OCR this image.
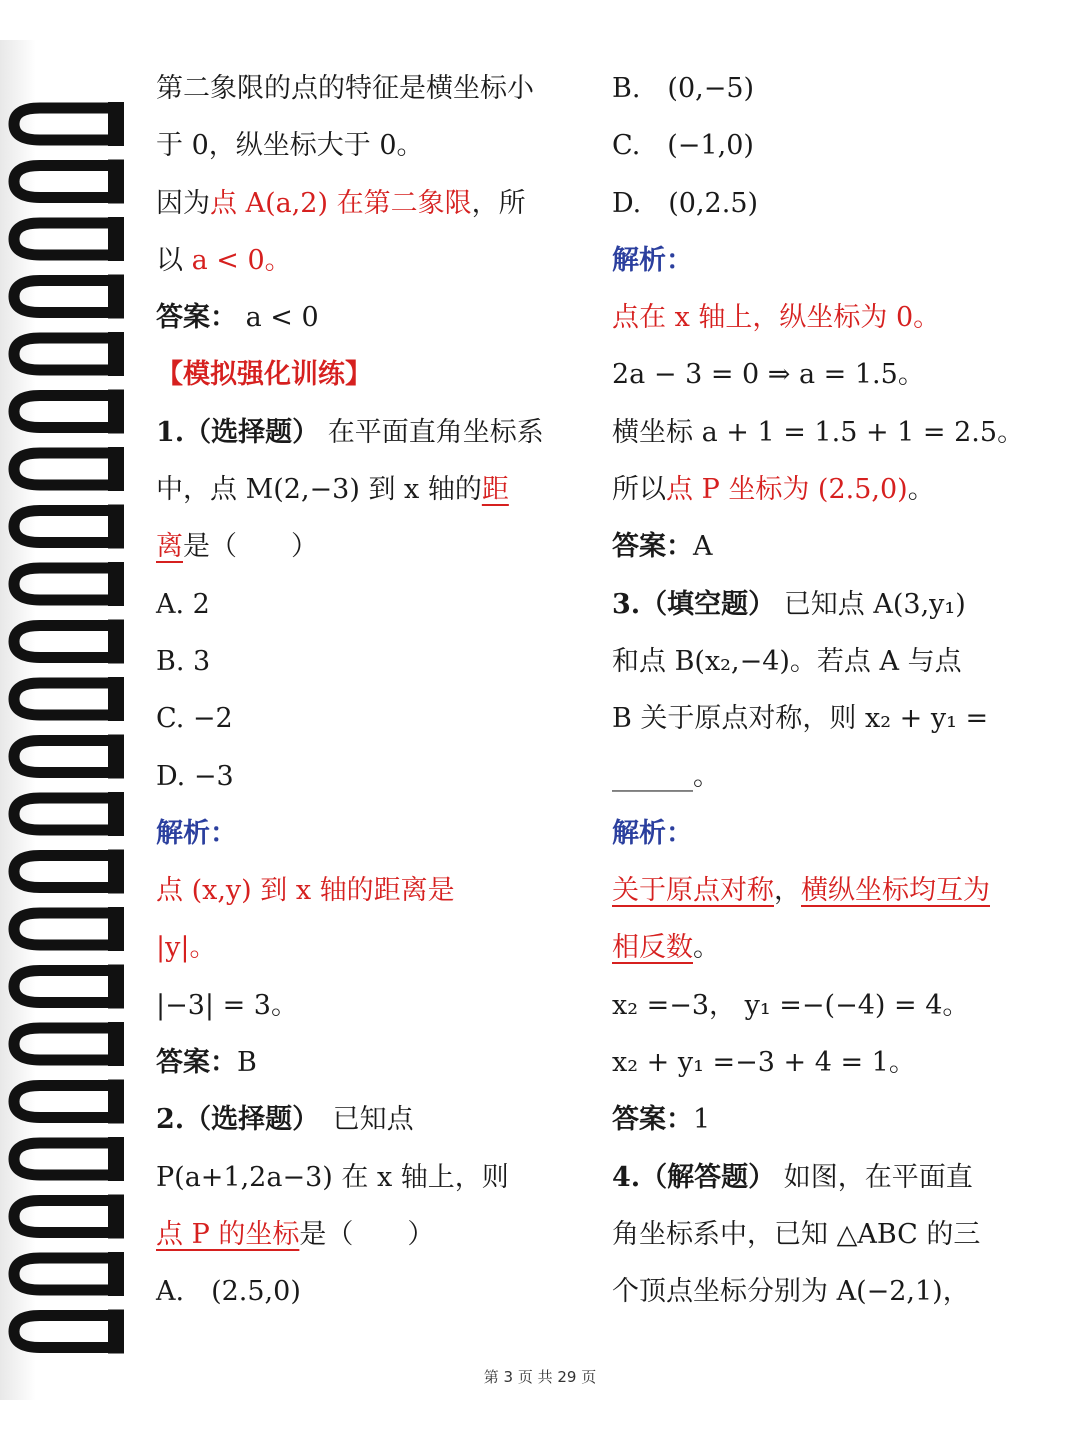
第二象限的点的特征是横坐标小
于 0，纵坐标大于 0。
因为点 A(a,2) 在第二象限，所
以 a < 0。
答案： a < 0
【模拟强化训练】
1.（选择题） 在平面直角坐标系
中，点 M(2,−3) 到 x 轴的距
离是（　　）
A. 2
B. 3
C. −2
D. −3
解析：
点 (x,y) 到 x 轴的距离是
|y|。
|−3| = 3。
答案：B
2.（选择题）　已知点
P(a+1,2a−3) 在 x 轴上，则
点 P 的坐标是（　　）
A.　(2.5,0)
B.　(0,−5)
C.　(−1,0)
D.　(0,2.5)
解析：
点在 x 轴上，纵坐标为 0。
2a − 3 = 0 ⇒ a = 1.5。
横坐标 a + 1 = 1.5 + 1 = 2.5。
所以点 P 坐标为 (2.5,0)。
答案：A
3.（填空题） 已知点 A(3,y₁)
和点 B(x₂,−4)。若点 A 与点
B 关于原点对称，则 x₂ + y₁ =
______。
解析：
关于原点对称，横纵坐标均互为
相反数。
x₂ =−3， y₁ =−(−4) = 4。
x₂ + y₁ =−3 + 4 = 1。
答案：1
4.（解答题） 如图，在平面直
角坐标系中，已知 △ABC 的三
个顶点坐标分别为 A(−2,1)，
第 3 页 共 29 页
